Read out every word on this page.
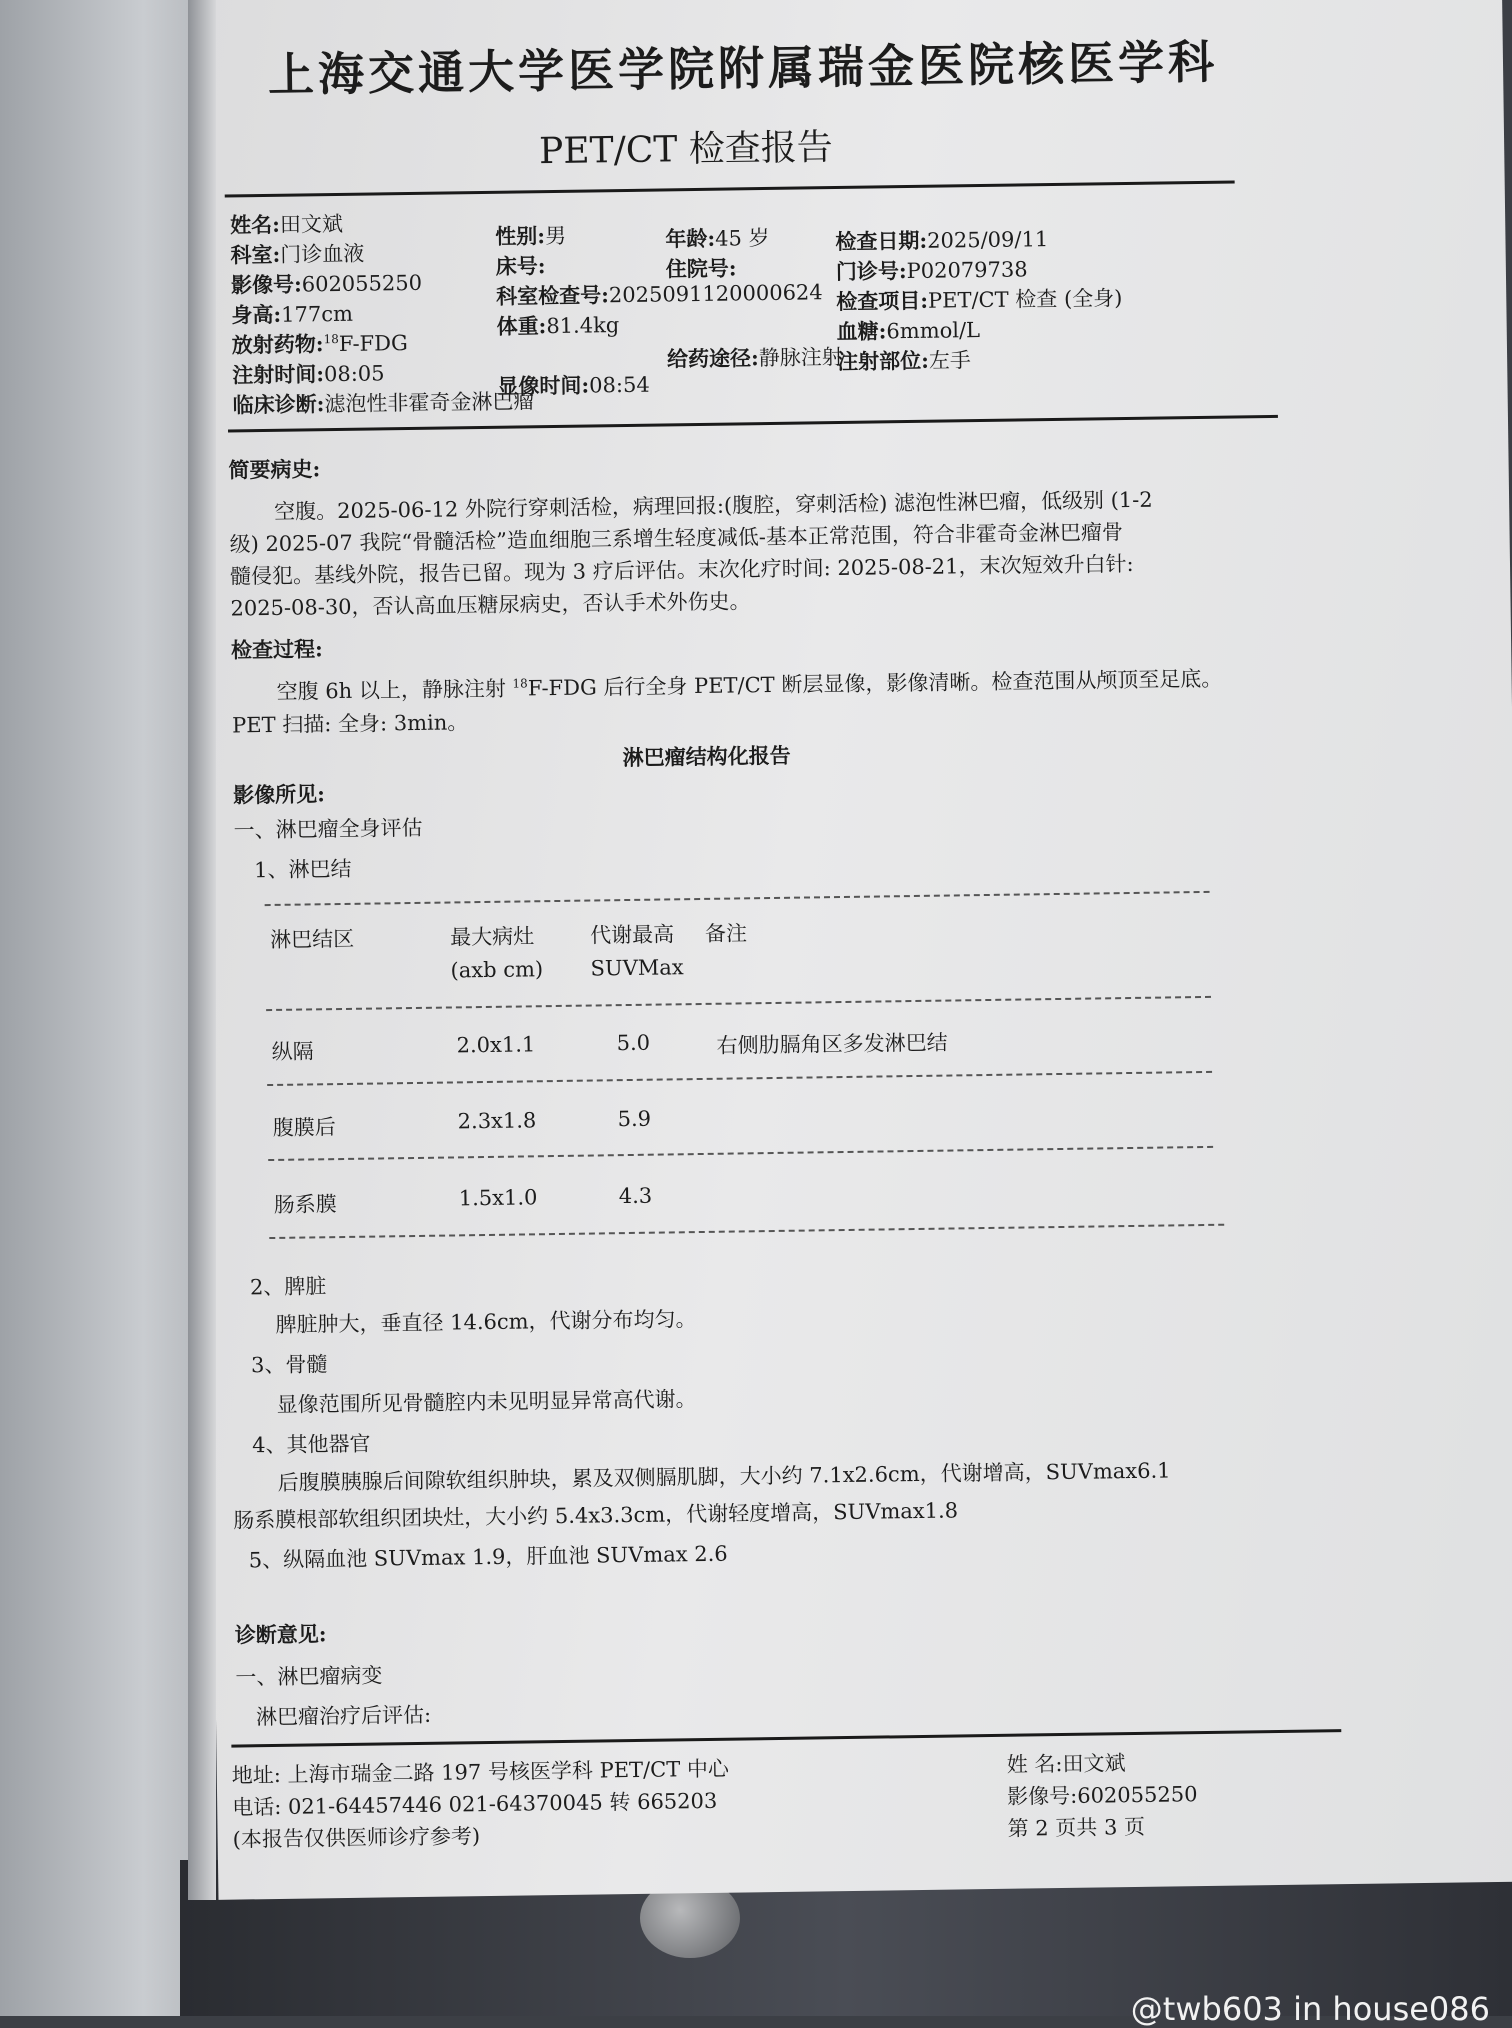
上海交通大学医学院附属瑞金医院核医学科
PET/CT 检查报告
姓名:田文斌
科室:门诊血液
影像号:602055250
身高:177cm
放射药物:$^{18}$F-FDG
注射时间:08:05
临床诊断:滤泡性非霍奇金淋巴瘤
性别:男
床号:
科室检查号:2025091120000624
体重:81.4kg
显像时间:08:54
年龄:45 岁
住院号:
给药途径:静脉注射
检查日期:2025/09/11
门诊号:P02079738
检查项目:PET/CT 检查 (全身)
血糖:6mmol/L
注射部位:左手
简要病史:
空腹。2025-06-12 外院行穿刺活检，病理回报:(腹腔，穿刺活检) 滤泡性淋巴瘤，低级别 (1-2
级) 2025-07 我院“骨髓活检”造血细胞三系增生轻度减低-基本正常范围，符合非霍奇金淋巴瘤骨
髓侵犯。基线外院，报告已留。现为 3 疗后评估。末次化疗时间: 2025-08-21，末次短效升白针:
2025-08-30，否认高血压糖尿病史，否认手术外伤史。
检查过程:
空腹 6h 以上，静脉注射 $^{18}$F-FDG 后行全身 PET/CT 断层显像，影像清晰。检查范围从颅顶至足底。
PET 扫描: 全身: 3min。
淋巴瘤结构化报告
影像所见:
一、淋巴瘤全身评估
1、淋巴结
淋巴结区	最大病灶	代谢最高 备注
(axb cm) SUVMax
纵隔	2.0x1.1	5.0	右侧肋膈角区多发淋巴结
腹膜后	2.3x1.8	5.9
肠系膜	1.5x1.0	4.3
2、脾脏
脾脏肿大，垂直径 14.6cm，代谢分布均匀。
3、骨髓
显像范围所见骨髓腔内未见明显异常高代谢。
4、其他器官
后腹膜胰腺后间隙软组织肿块，累及双侧膈肌脚，大小约 7.1x2.6cm，代谢增高，SUVmax6.1
肠系膜根部软组织团块灶，大小约 5.4x3.3cm，代谢轻度增高，SUVmax1.8
5、纵隔血池 SUVmax 1.9，肝血池 SUVmax 2.6
诊断意见:
一、淋巴瘤病变
淋巴瘤治疗后评估:
地址: 上海市瑞金二路 197 号核医学科 PET/CT 中心
电话: 021-64457446 021-64370045 转 665203
(本报告仅供医师诊疗参考)
姓 名:田文斌
影像号:602055250
第 2 页共 3 页
@twb603 in house086
